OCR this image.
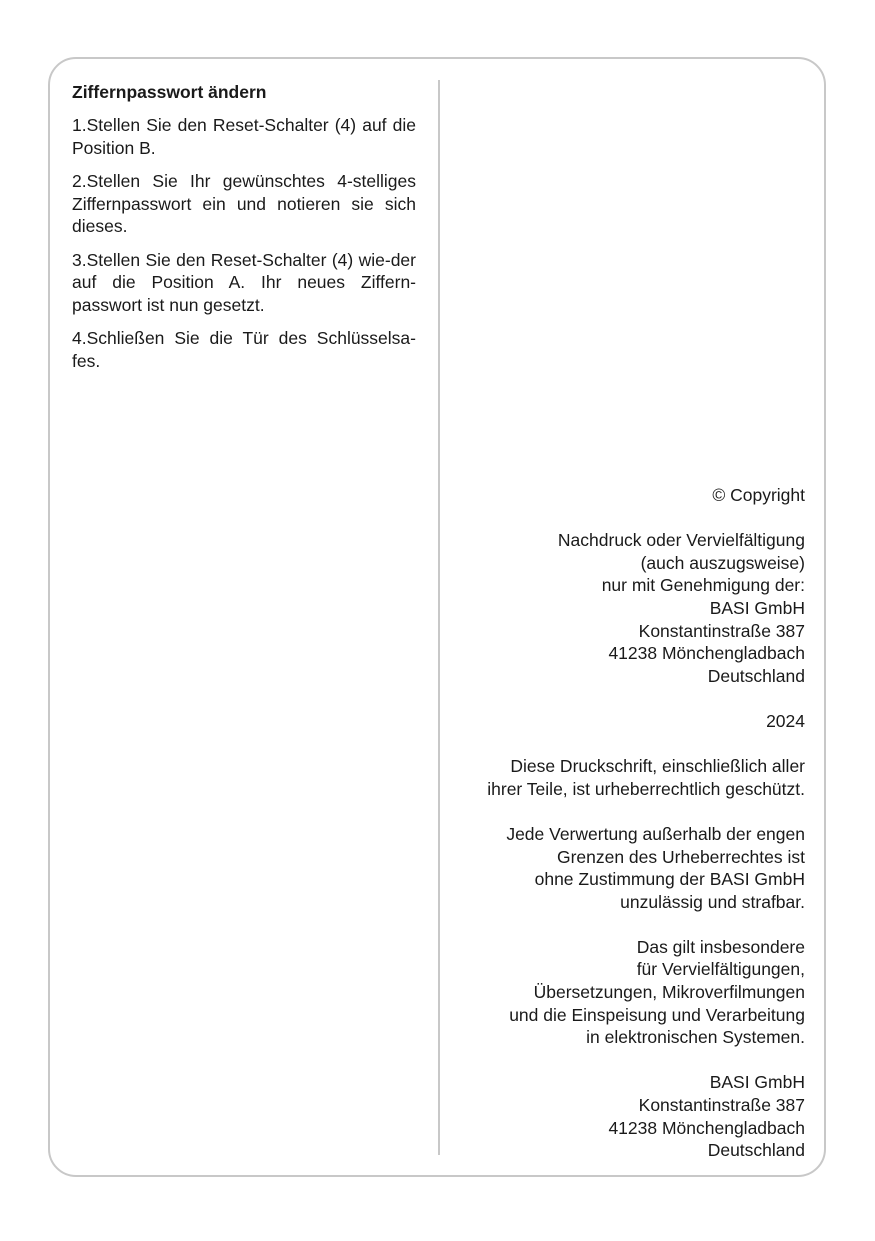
Ziffernpasswort ändern

1.Stellen Sie den Reset-Schalter (4) auf die Position B.

2.Stellen Sie Ihr gewünschtes 4-stelliges Ziffernpasswort ein und notieren sie sich dieses.

3.Stellen Sie den Reset-Schalter (4) wie-der auf die Position A. Ihr neues Ziffern-passwort ist nun gesetzt.

4.Schließen Sie die Tür des Schlüsselsa-fes.

© Copyright
Nachdruck oder Vervielfältigung
(auch auszugsweise)
nur mit Genehmigung der:
BASI GmbH
Konstantinstraße 387
41238 Mönchengladbach
Deutschland
2024
Diese Druckschrift, einschließlich aller
ihrer Teile, ist urheberrechtlich geschützt.
Jede Verwertung außerhalb der engen
Grenzen des Urheberrechtes ist
ohne Zustimmung der BASI GmbH
unzulässig und strafbar.
Das gilt insbesondere
für Vervielfältigungen,
Übersetzungen, Mikroverfilmungen
und die Einspeisung und Verarbeitung
in elektronischen Systemen.
BASI GmbH
Konstantinstraße 387
41238 Mönchengladbach
Deutschland
